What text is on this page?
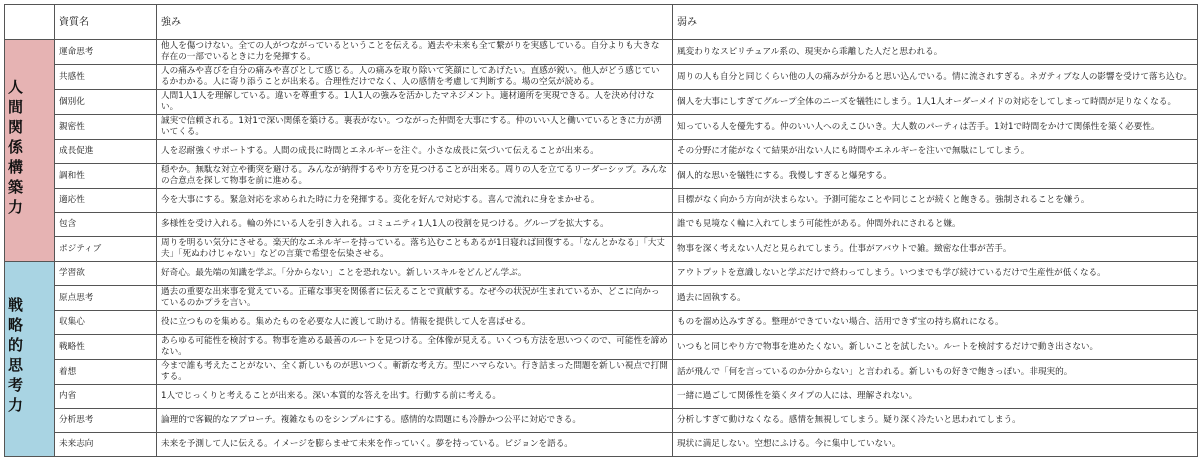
	資質名	強み	弱み
人間関係構築力	運命思考	他人を傷つけない。全ての人がつながっているということを伝える。過去や未来も全て繋がりを実感している。自分よりも大きな存在の一部でいるときに力を発揮する。	風変わりなスピリチュアル系の、現実から乖離した人だと思われる。
	共感性	人の痛みや喜びを自分の痛みや喜びとして感じる。人の痛みを取り除いて笑顔にしてあげたい。直感が鋭い。他人がどう感じているかわかる。人に寄り添うことが出来る。合理性だけでなく、人の感情を考慮して判断する。場の空気が読める。	周りの人も自分と同じくらい他の人の痛みが分かると思い込んでいる。情に流されすぎる。ネガティブな人の影響を受けて落ち込む。
	個別化	人間1人1人を理解している。違いを尊重する。1人1人の強みを活かしたマネジメント。適材適所を実現できる。人を決め付けない。	個人を大事にしすぎてグループ全体のニーズを犠牲にしまう。1人1人オーダーメイドの対応をしてしまって時間が足りなくなる。
	親密性	誠実で信頼される。1対1で深い関係を築ける。裏表がない。つながった仲間を大事にする。仲のいい人と働いているときに力が湧いてくる。	知っている人を優先する。仲のいい人へのえこひいき。大人数のパーティは苦手。1対1で時間をかけて関係性を築く必要性。
	成長促進	人を忍耐強くサポートする。人間の成長に時間とエネルギーを注ぐ。小さな成長に気づいて伝えることが出来る。	その分野に才能がなくて結果が出ない人にも時間やエネルギーを注いで無駄にしてしまう。
	調和性	穏やか。無駄な対立や衝突を避ける。みんなが納得するやり方を見つけることが出来る。周りの人を立てるリーダーシップ。みんなの合意点を探して物事を前に進める。	個人的な思いを犠牲にする。我慢しすぎると爆発する。
	適応性	今を大事にする。緊急対応を求められた時に力を発揮する。変化を好んで対応する。喜んで流れに身をまかせる。	目標がなく向かう方向が決まらない。予測可能なことや同じことが続くと飽きる。強制されることを嫌う。
	包含	多様性を受け入れる。輪の外にいる人を引き入れる。コミュニティ1人1人の役割を見つける。グループを拡大する。	誰でも見境なく輪に入れてしまう可能性がある。仲間外れにされると嫌。
	ポジティブ	周りを明るい気分にさせる。楽天的なエネルギーを持っている。落ち込むこともあるが1日寝れば回復する。「なんとかなる」「大丈夫」「死ぬわけじゃない」などの言葉で希望を伝染させる。	物事を深く考えない人だと見られてしまう。仕事がアバウトで雑。緻密な仕事が苦手。
戦略的思考力	学習欲	好奇心。最先端の知識を学ぶ。「分からない」ことを恐れない。新しいスキルをどんどん学ぶ。	アウトプットを意識しないと学ぶだけで終わってしまう。いつまでも学び続けているだけで生産性が低くなる。
	原点思考	過去の重要な出来事を覚えている。正確な事実を関係者に伝えることで貢献する。なぜ今の状況が生まれているか、どこに向かっているのかプラを言い。	過去に固執する。
	収集心	役に立つものを集める。集めたものを必要な人に渡して助ける。情報を提供して人を喜ばせる。	ものを溜め込みすぎる。整理ができていない場合、活用できず宝の持ち腐れになる。
	戦略性	あらゆる可能性を検討する。物事を進める最善のルートを見つける。全体像が見える。いくつも方法を思いつくので、可能性を諦めない。	いつもと同じやり方で物事を進めたくない。新しいことを試したい。ルートを検討するだけで動き出さない。
	着想	今まで誰も考えたことがない、全く新しいものが思いつく。斬新な考え方。型にハマらない。行き詰まった問題を新しい視点で打開する。	話が飛んで「何を言っているのか分からない」と言われる。新しいもの好きで飽きっぽい。非現実的。
	内省	1人でじっくりと考えることが出来る。深い本質的な答えを出す。行動する前に考える。	一緒に過ごして関係性を築くタイプの人には、理解されない。
	分析思考	論理的で客観的なアプローチ。複雑なものをシンプルにする。感情的な問題にも冷静かつ公平に対応できる。	分析しすぎて動けなくなる。感情を無視してしまう。疑り深く冷たいと思われてしまう。
	未来志向	未来を予測して人に伝える。イメージを膨らませて未来を作っていく。夢を持っている。ビジョンを語る。	現状に満足しない。空想にふける。今に集中していない。
